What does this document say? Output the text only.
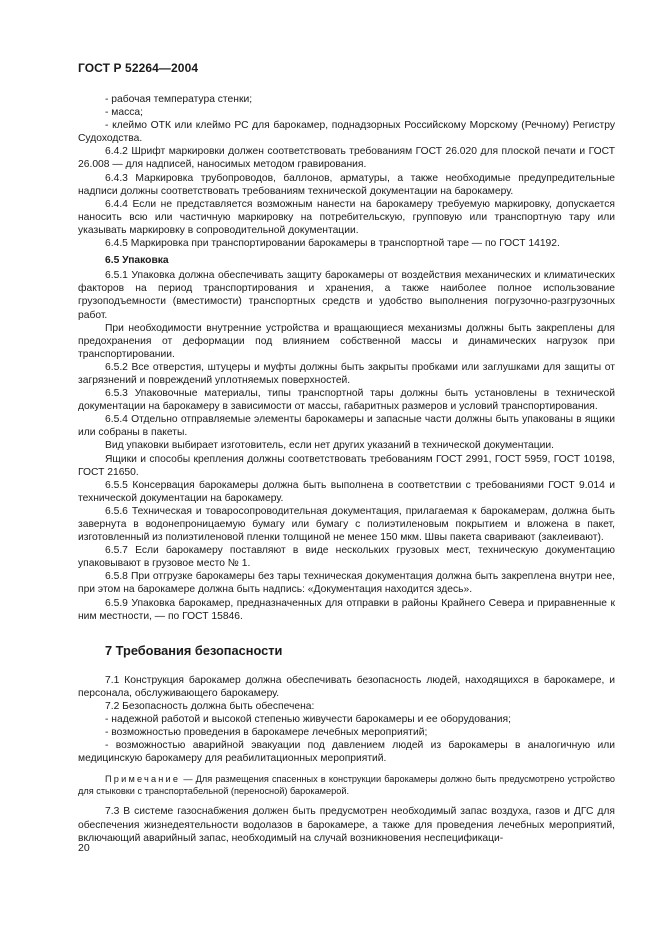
ГОСТ Р 52264—2004

- рабочая температура стенки;

- масса;

- клеймо ОТК или клеймо РС для барокамер, поднадзорных Российскому Морскому (Речному) Регистру Судоходства.

6.4.2 Шрифт маркировки должен соответствовать требованиям ГОСТ 26.020 для плоской печати и ГОСТ 26.008 — для надписей, наносимых методом гравирования.

6.4.3 Маркировка трубопроводов, баллонов, арматуры, а также необходимые предупредительные надписи должны соответствовать требованиям технической документации на барокамеру.

6.4.4 Если не представляется возможным нанести на барокамеру требуемую маркировку, допускается наносить всю или частичную маркировку на потребительскую, групповую или транспортную тару или указывать маркировку в сопроводительной документации.

6.4.5 Маркировка при транспортировании барокамеры в транспортной таре — по ГОСТ 14192.

6.5 Упаковка

6.5.1 Упаковка должна обеспечивать защиту барокамеры от воздействия механических и климатических факторов на период транспортирования и хранения, а также наиболее полное использование грузоподъемности (вместимости) транспортных средств и удобство выполнения погрузочно-разгрузочных работ.

При необходимости внутренние устройства и вращающиеся механизмы должны быть закреплены для предохранения от деформации под влиянием собственной массы и динамических нагрузок при транспортировании.

6.5.2 Все отверстия, штуцеры и муфты должны быть закрыты пробками или заглушками для защиты от загрязнений и повреждений уплотняемых поверхностей.

6.5.3 Упаковочные материалы, типы транспортной тары должны быть установлены в технической документации на барокамеру в зависимости от массы, габаритных размеров и условий транспортирования.

6.5.4 Отдельно отправляемые элементы барокамеры и запасные части должны быть упакованы в ящики или собраны в пакеты.

Вид упаковки выбирает изготовитель, если нет других указаний в технической документации.

Ящики и способы крепления должны соответствовать требованиям ГОСТ 2991, ГОСТ 5959, ГОСТ 10198, ГОСТ 21650.

6.5.5 Консервация барокамеры должна быть выполнена в соответствии с требованиями ГОСТ 9.014 и технической документации на барокамеру.

6.5.6 Техническая и товаросопроводительная документация, прилагаемая к барокамерам, должна быть завернута в водонепроницаемую бумагу или бумагу с полиэтиленовым покрытием и вложена в пакет, изготовленный из полиэтиленовой пленки толщиной не менее 150 мкм. Швы пакета сваривают (заклеивают).

6.5.7 Если барокамеру поставляют в виде нескольких грузовых мест, техническую документацию упаковывают в грузовое место № 1.

6.5.8 При отгрузке барокамеры без тары техническая документация должна быть закреплена внутри нее, при этом на барокамере должна быть надпись: «Документация находится здесь».

6.5.9 Упаковка барокамер, предназначенных для отправки в районы Крайнего Севера и приравненные к ним местности, — по ГОСТ 15846.

7 Требования безопасности

7.1 Конструкция барокамер должна обеспечивать безопасность людей, находящихся в барокамере, и персонала, обслуживающего барокамеру.

7.2 Безопасность должна быть обеспечена:

- надежной работой и высокой степенью живучести барокамеры и ее оборудования;

- возможностью проведения в барокамере лечебных мероприятий;

- возможностью аварийной эвакуации под давлением людей из барокамеры в аналогичную или медицинскую барокамеру для реабилитационных мероприятий.

Примечание — Для размещения спасенных в конструкции барокамеры должно быть предусмотрено устройство для стыковки с транспортабельной (переносной) барокамерой.

7.3 В системе газоснабжения должен быть предусмотрен необходимый запас воздуха, газов и ДГС для обеспечения жизнедеятельности водолазов в барокамере, а также для проведения лечебных мероприятий, включающий аварийный запас, необходимый на случай возникновения неспецификаци-

20
